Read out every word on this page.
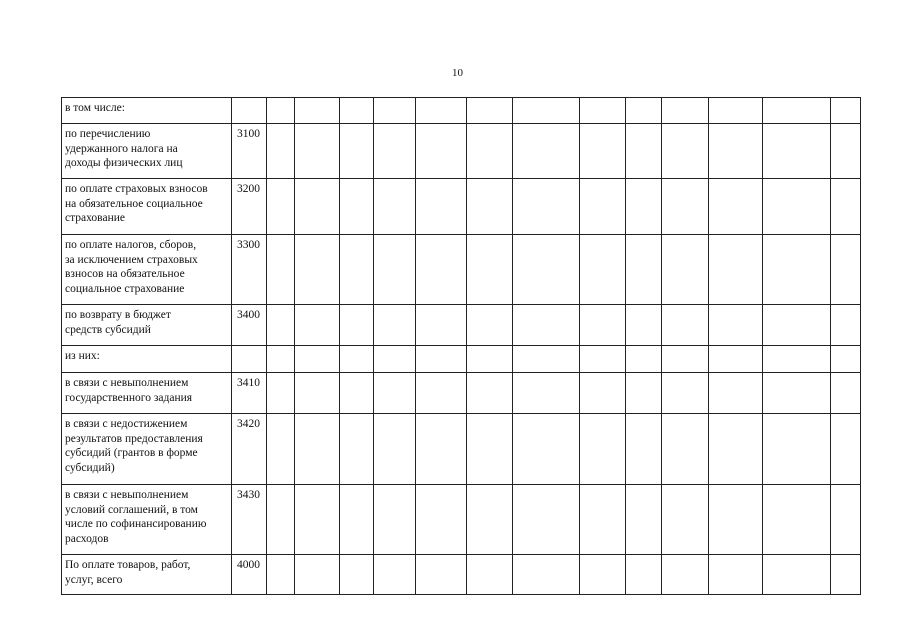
10
в том числе:														
по перечислению
удержанного налога на
доходы физических лиц	3100													
по оплате страховых взносов
на обязательное социальное
страхование	3200													
по оплате налогов, сборов,
за исключением страховых
взносов на обязательное
социальное страхование	3300													
по возврату в бюджет
средств субсидий	3400													
из них:														
в связи с невыполнением
государственного задания	3410													
в связи с недостижением
результатов предоставления
субсидий (грантов в форме
субсидий)	3420													
в связи с невыполнением
условий соглашений, в том
числе по софинансированию
расходов	3430													
По оплате товаров, работ,
услуг, всего	4000													
